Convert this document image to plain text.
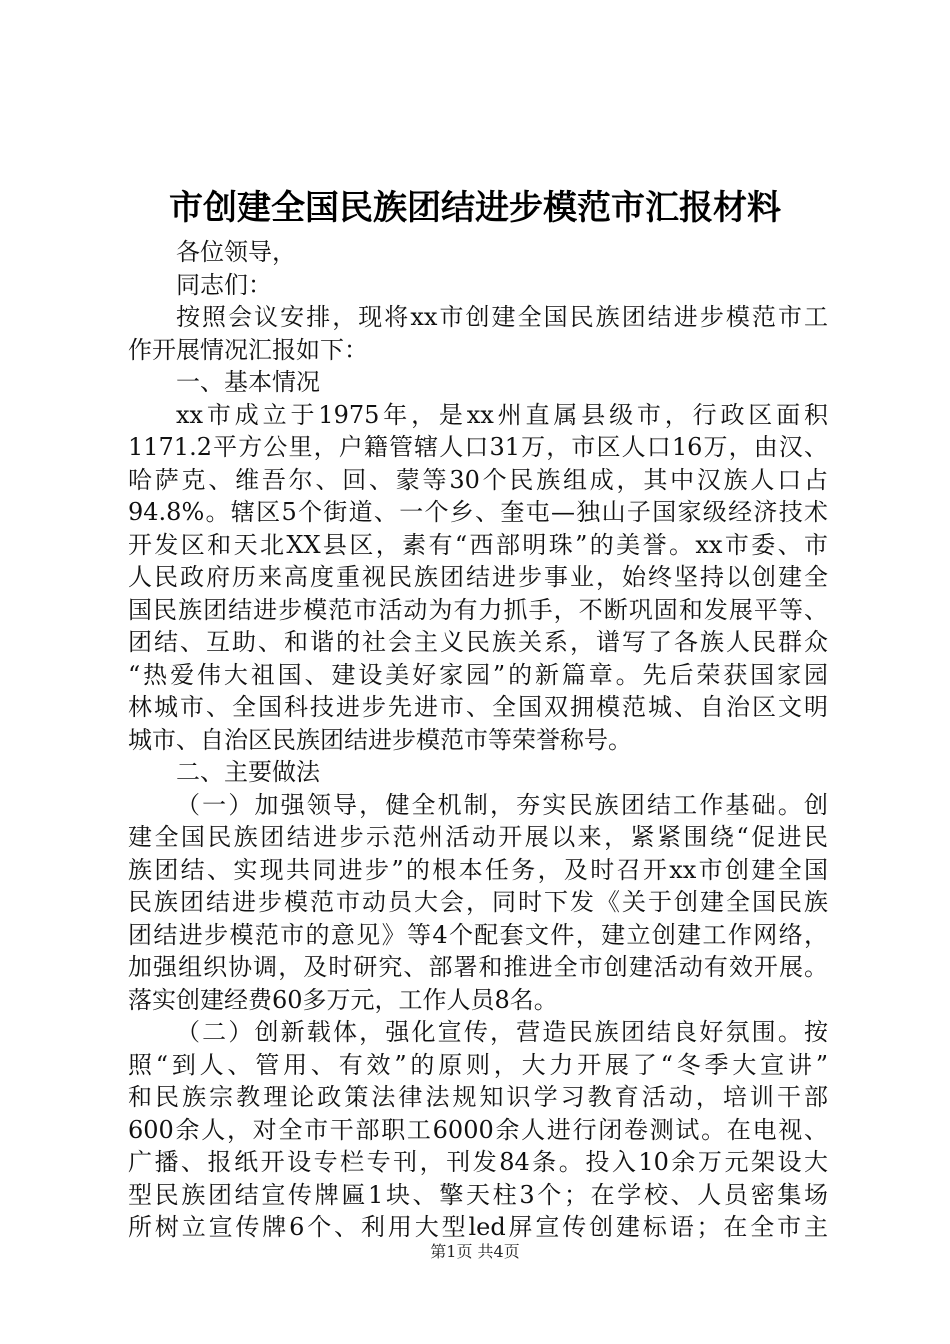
市创建全国民族团结进步模范市汇报材料
各位领导，
同志们：
按照会议安排，现将xx市创建全国民族团结进步模范市工
作开展情况汇报如下：
一、基本情况
xx市成立于1975年，是xx州直属县级市，行政区面积
1171.2平方公里，户籍管辖人口31万，市区人口16万，由汉、
哈萨克、维吾尔、回、蒙等30个民族组成，其中汉族人口占
94.8%。辖区5个街道、一个乡、奎屯—独山子国家级经济技术
开发区和天北XX县区，素有“西部明珠”的美誉。xx市委、市
人民政府历来高度重视民族团结进步事业，始终坚持以创建全
国民族团结进步模范市活动为有力抓手，不断巩固和发展平等、
团结、互助、和谐的社会主义民族关系，谱写了各族人民群众
“热爱伟大祖国、建设美好家园”的新篇章。先后荣获国家园
林城市、全国科技进步先进市、全国双拥模范城、自治区文明
城市、自治区民族团结进步模范市等荣誉称号。
二、主要做法
（一）加强领导，健全机制，夯实民族团结工作基础。创
建全国民族团结进步示范州活动开展以来，紧紧围绕“促进民
族团结、实现共同进步”的根本任务，及时召开xx市创建全国
民族团结进步模范市动员大会，同时下发《关于创建全国民族
团结进步模范市的意见》等4个配套文件，建立创建工作网络，
加强组织协调，及时研究、部署和推进全市创建活动有效开展。
落实创建经费60多万元，工作人员8名。
（二）创新载体，强化宣传，营造民族团结良好氛围。按
照“到人、管用、有效”的原则，大力开展了“冬季大宣讲”
和民族宗教理论政策法律法规知识学习教育活动，培训干部
600余人，对全市干部职工6000余人进行闭卷测试。在电视、
广播、报纸开设专栏专刊，刊发84条。投入10余万元架设大
型民族团结宣传牌匾1块、擎天柱3个；在学校、人员密集场
所树立宣传牌6个、利用大型led屏宣传创建标语；在全市主
第1页 共4页
